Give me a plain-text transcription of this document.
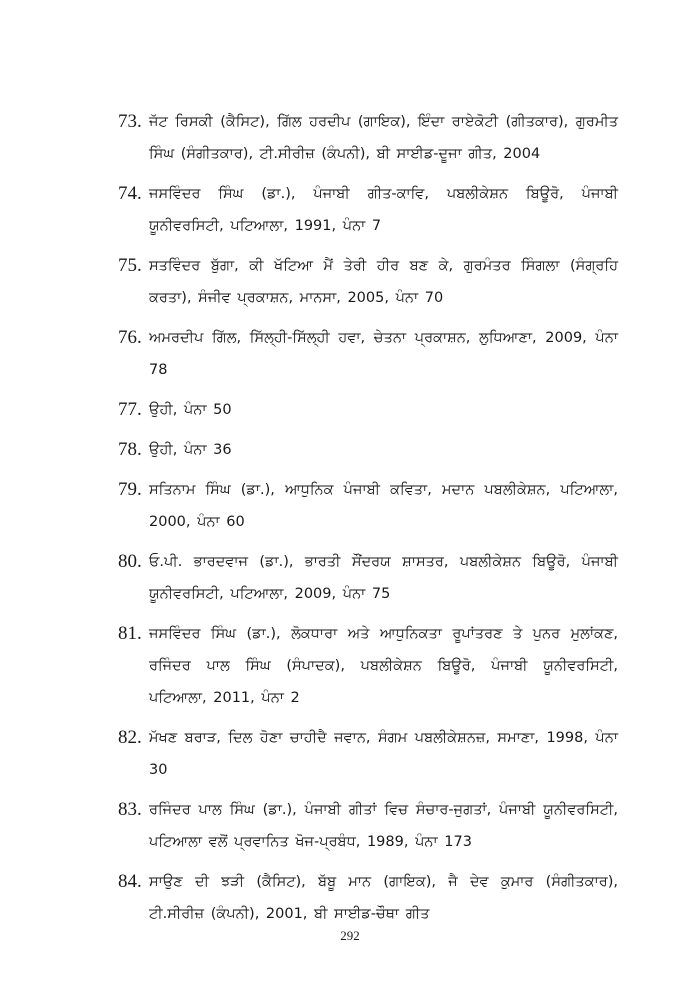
73. ਜੱਟ ਰਿਸਕੀ (ਕੈਸਿਟ), ਗਿੱਲ ਹਰਦੀਪ (ਗਾਇਕ), ਇੰਦਾ ਰਾਏਕੋਟੀ (ਗੀਤਕਾਰ), ਗੁਰਮੀਤ ਸਿੰਘ (ਸੰਗੀਤਕਾਰ), ਟੀ.ਸੀਰੀਜ਼ (ਕੰਪਨੀ), ਬੀ ਸਾਈਡ-ਦੂਜਾ ਗੀਤ, 2004
74. ਜਸਵਿੰਦਰ ਸਿੰਘ (ਡਾ.), ਪੰਜਾਬੀ ਗੀਤ-ਕਾਵਿ, ਪਬਲੀਕੇਸ਼ਨ ਬਿਊਰੋ, ਪੰਜਾਬੀ ਯੂਨੀਵਰਸਿਟੀ, ਪਟਿਆਲਾ, 1991, ਪੰਨਾ 7
75. ਸਤਵਿੰਦਰ ਬੁੱਗਾ, ਕੀ ਖੱਟਿਆ ਮੈਂ ਤੇਰੀ ਹੀਰ ਬਣ ਕੇ, ਗੁਰਮੰਤਰ ਸਿੰਗਲਾ (ਸੰਗ੍ਰਹਿ ਕਰਤਾ), ਸੰਜੀਵ ਪ੍ਰਕਾਸ਼ਨ, ਮਾਨਸਾ, 2005, ਪੰਨਾ 70
76. ਅਮਰਦੀਪ ਗਿੱਲ, ਸਿੱਲ੍ਹੀ-ਸਿੱਲ੍ਹੀ ਹਵਾ, ਚੇਤਨਾ ਪ੍ਰਕਾਸ਼ਨ, ਲੁਧਿਆਣਾ, 2009, ਪੰਨਾ 78
77. ਉਹੀ, ਪੰਨਾ 50
78. ਉਹੀ, ਪੰਨਾ 36
79. ਸਤਿਨਾਮ ਸਿੰਘ (ਡਾ.), ਆਧੁਨਿਕ ਪੰਜਾਬੀ ਕਵਿਤਾ, ਮਦਾਨ ਪਬਲੀਕੇਸ਼ਨ, ਪਟਿਆਲਾ, 2000, ਪੰਨਾ 60
80. ਓ.ਪੀ. ਭਾਰਦਵਾਜ (ਡਾ.), ਭਾਰਤੀ ਸੌਂਦਰਯ ਸ਼ਾਸਤਰ, ਪਬਲੀਕੇਸ਼ਨ ਬਿਊਰੋ, ਪੰਜਾਬੀ ਯੂਨੀਵਰਸਿਟੀ, ਪਟਿਆਲਾ, 2009, ਪੰਨਾ 75
81. ਜਸਵਿੰਦਰ ਸਿੰਘ (ਡਾ.), ਲੋਕਧਾਰਾ ਅਤੇ ਆਧੁਨਿਕਤਾ ਰੂਪਾਂਤਰਣ ਤੇ ਪੁਨਰ ਮੁਲਾਂਕਣ, ਰਜਿੰਦਰ ਪਾਲ ਸਿੰਘ (ਸੰਪਾਦਕ), ਪਬਲੀਕੇਸ਼ਨ ਬਿਊਰੋ, ਪੰਜਾਬੀ ਯੂਨੀਵਰਸਿਟੀ, ਪਟਿਆਲਾ, 2011, ਪੰਨਾ 2
82. ਮੱਖਣ ਬਰਾੜ, ਦਿਲ ਹੋਣਾ ਚਾਹੀਦੈ ਜਵਾਨ, ਸੰਗਮ ਪਬਲੀਕੇਸ਼ਨਜ਼, ਸਮਾਣਾ, 1998, ਪੰਨਾ 30
83. ਰਜਿੰਦਰ ਪਾਲ ਸਿੰਘ (ਡਾ.), ਪੰਜਾਬੀ ਗੀਤਾਂ ਵਿਚ ਸੰਚਾਰ-ਜੁਗਤਾਂ, ਪੰਜਾਬੀ ਯੂਨੀਵਰਸਿਟੀ, ਪਟਿਆਲਾ ਵਲੋਂ ਪ੍ਰਵਾਨਿਤ ਖੋਜ-ਪ੍ਰਬੰਧ, 1989, ਪੰਨਾ 173
84. ਸਾਉਣ ਦੀ ਝੜੀ (ਕੈਸਿਟ), ਬੱਬੂ ਮਾਨ (ਗਾਇਕ), ਜੈ ਦੇਵ ਕੁਮਾਰ (ਸੰਗੀਤਕਾਰ), ਟੀ.ਸੀਰੀਜ਼ (ਕੰਪਨੀ), 2001, ਬੀ ਸਾਈਡ-ਚੌਥਾ ਗੀਤ
292
